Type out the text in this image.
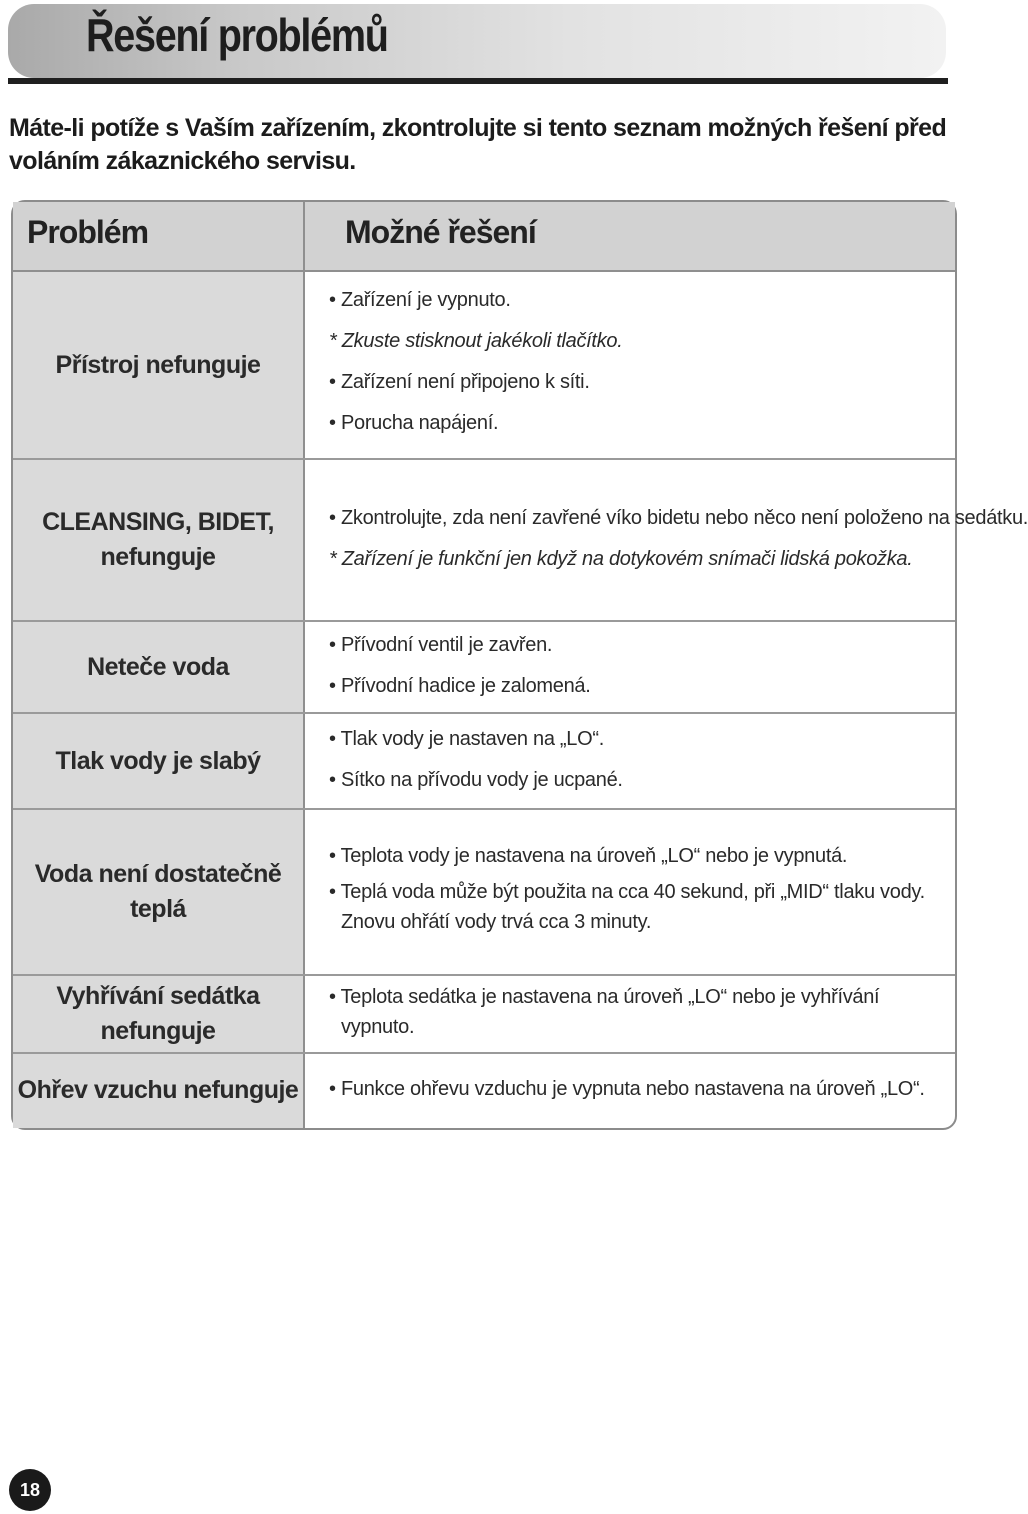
Řešení problémů
Máte-li potíže s Vaším zařízením, zkontrolujte si tento seznam možných řešení před voláním zákaznického servisu.
Problém	Možné řešení
Přístroj nefunguje
• Zařízení je vypnuto.
* Zkuste stisknout jakékoli tlačítko.
• Zařízení není připojeno k síti.
• Porucha napájení.
CLEANSING, BIDET, nefunguje
• Zkontrolujte, zda není zavřené víko bidetu nebo něco není položeno na sedátku.
* Zařízení je funkční jen když na dotykovém snímači lidská pokožka.
Neteče voda
• Přívodní ventil je zavřen.
• Přívodní hadice je zalomená.
Tlak vody je slabý
• Tlak vody je nastaven na „LO“.
• Sítko na přívodu vody je ucpané.
Voda není dostatečně teplá
• Teplota vody je nastavena na úroveň „LO“ nebo je vypnutá.
• Teplá voda může být použita na cca 40 sekund, při „MID“ tlaku vody.
Znovu ohřátí vody trvá cca 3 minuty.
Vyhřívání sedátka nefunguje
• Teplota sedátka je nastavena na úroveň „LO“ nebo je vyhřívání
vypnuto.
Ohřev vzuchu nefunguje • Funkce ohřevu vzduchu je vypnuta nebo nastavena na úroveň „LO“.
18
